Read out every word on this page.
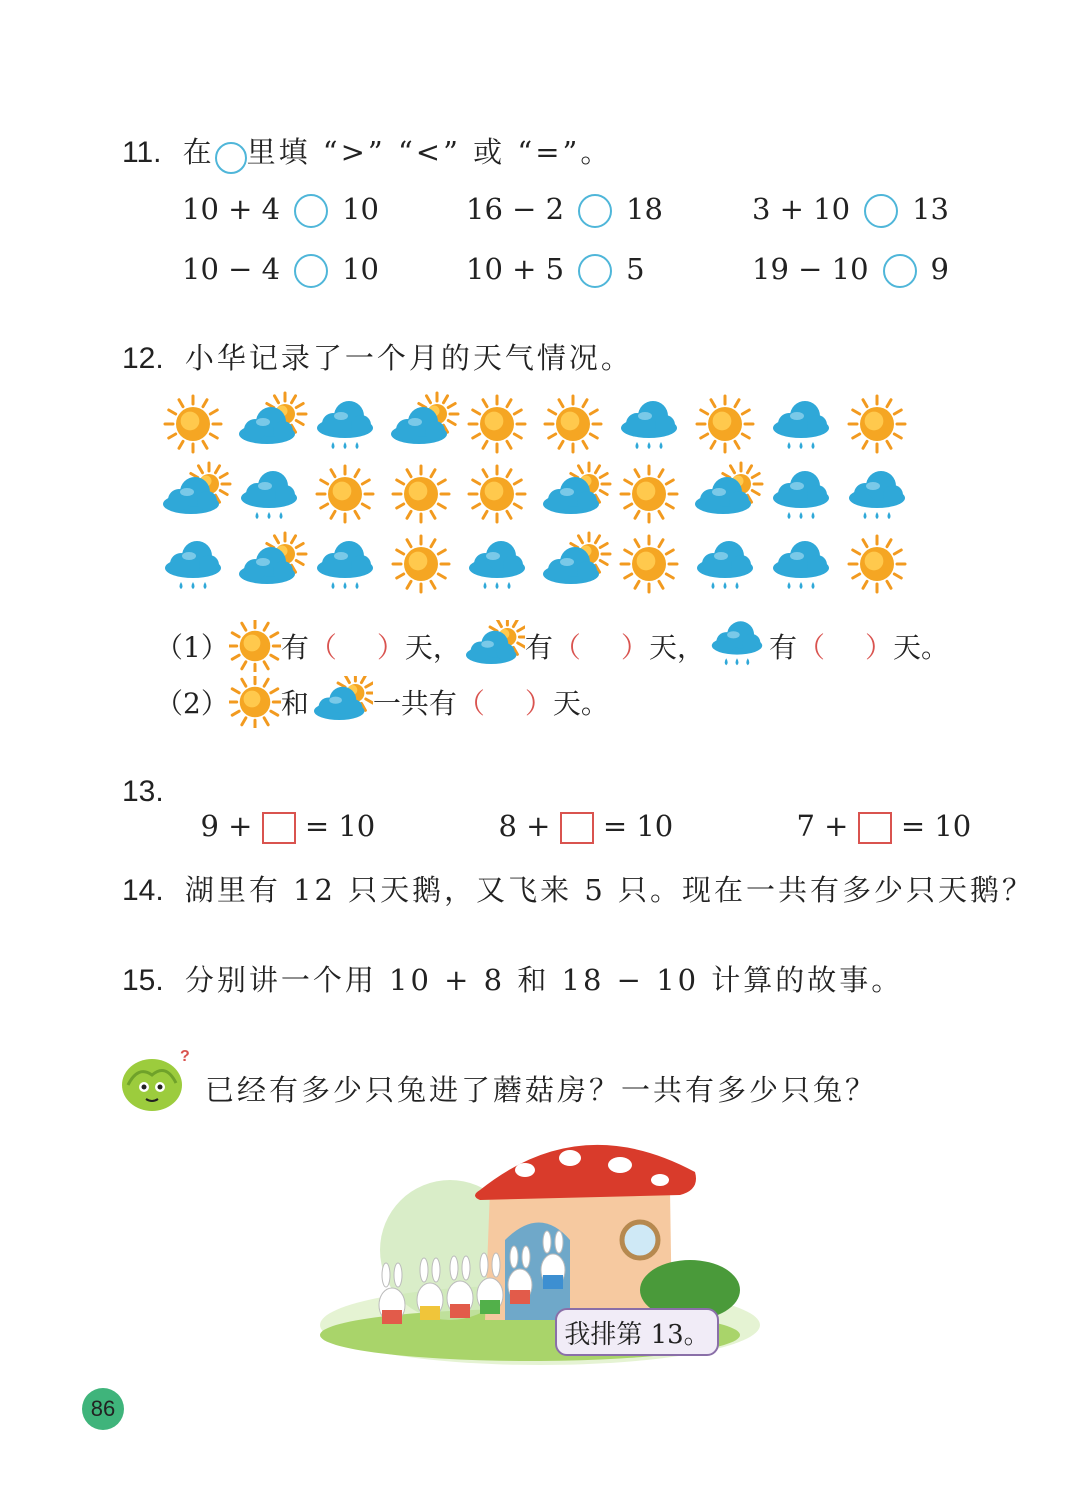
11. 在 里填 “>” “<” 或 “=”。
10 + 4 10	16 − 2 18	3 + 10 13
10 − 4 10	10 + 5 5	19 − 10 9
12. 小华记录了一个月的天气情况。
（1） 有 （ ） 天， 有 （ ） 天， 有 （ ） 天。
（2） 和 一共有 （ ） 天。
13.

9 + = 10	8 + = 10	7 + = 10

14. 湖里有 12 只天鹅，又飞来 5 只。现在一共有多少只天鹅？
15. 分别讲一个用 10 + 8 和 18 − 10 计算的故事。
?
已经有多少只兔进了蘑菇房？一共有多少只兔？
我排第 13。
86
